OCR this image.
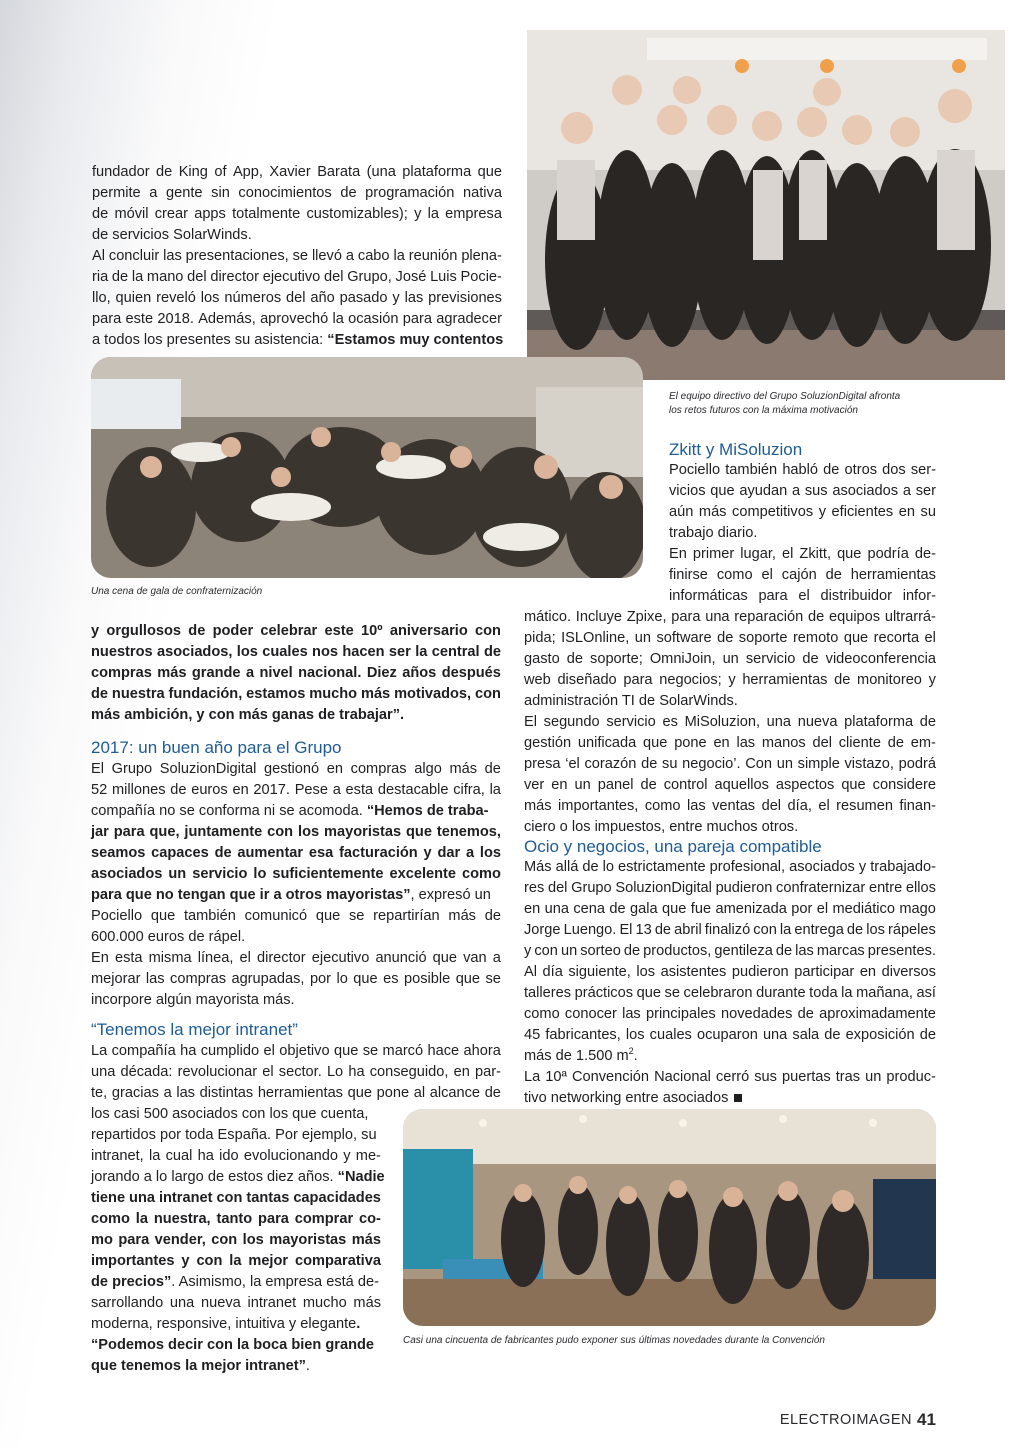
fundador de King of App, Xavier Barata (una plataforma que
permite a gente sin conocimientos de programación nativa
de móvil crear apps totalmente customizables); y la empresa
de servicios SolarWinds.
Al concluir las presentaciones, se llevó a cabo la reunión plena-
ria de la mano del director ejecutivo del Grupo, José Luis Pocie-
llo, quien reveló los números del año pasado y las previsiones
para este 2018. Además, aprovechó la ocasión para agradecer
a todos los presentes su asistencia: “Estamos muy contentos
El equipo directivo del Grupo SoluzionDigital afronta
los retos futuros con la máxima motivación
Una cena de gala de confraternización
y orgullosos de poder celebrar este 10º aniversario con
nuestros asociados, los cuales nos hacen ser la central de
compras más grande a nivel nacional. Diez años después
de nuestra fundación, estamos mucho más motivados, con
más ambición, y con más ganas de trabajar”.
2017: un buen año para el Grupo
El Grupo SoluzionDigital gestionó en compras algo más de
52 millones de euros en 2017. Pese a esta destacable cifra, la
compañía no se conforma ni se acomoda. “Hemos de traba-
jar para que, juntamente con los mayoristas que tenemos,
seamos capaces de aumentar esa facturación y dar a los
asociados un servicio lo suficientemente excelente como
para que no tengan que ir a otros mayoristas”, expresó un
Pociello que también comunicó que se repartirían más de
600.000 euros de rápel.
En esta misma línea, el director ejecutivo anunció que van a
mejorar las compras agrupadas, por lo que es posible que se
incorpore algún mayorista más.
“Tenemos la mejor intranet”
La compañía ha cumplido el objetivo que se marcó hace ahora
una década: revolucionar el sector. Lo ha conseguido, en par-
te, gracias a las distintas herramientas que pone al alcance de
los casi 500 asociados con los que cuenta,
repartidos por toda España. Por ejemplo, su
intranet, la cual ha ido evolucionando y me-
jorando a lo largo de estos diez años. “Nadie
tiene una intranet con tantas capacidades
como la nuestra, tanto para comprar co-
mo para vender, con los mayoristas más
importantes y con la mejor comparativa
de precios”. Asimismo, la empresa está de-
sarrollando una nueva intranet mucho más
moderna, responsive, intuitiva y elegante.
“Podemos decir con la boca bien grande
que tenemos la mejor intranet”.
Zkitt y MiSoluzion
Pociello también habló de otros dos ser-
vicios que ayudan a sus asociados a ser
aún más competitivos y eficientes en su
trabajo diario.
En primer lugar, el Zkitt, que podría de-
finirse como el cajón de herramientas
informáticas para el distribuidor infor-
mático. Incluye Zpixe, para una reparación de equipos ultrarrá-
pida; ISLOnline, un software de soporte remoto que recorta el
gasto de soporte; OmniJoin, un servicio de videoconferencia
web diseñado para negocios; y herramientas de monitoreo y
administración TI de SolarWinds.
El segundo servicio es MiSoluzion, una nueva plataforma de
gestión unificada que pone en las manos del cliente de em-
presa ‘el corazón de su negocio’. Con un simple vistazo, podrá
ver en un panel de control aquellos aspectos que considere
más importantes, como las ventas del día, el resumen finan-
ciero o los impuestos, entre muchos otros.
Ocio y negocios, una pareja compatible
Más allá de lo estrictamente profesional, asociados y trabajado-
res del Grupo SoluzionDigital pudieron confraternizar entre ellos
en una cena de gala que fue amenizada por el mediático mago
Jorge Luengo. El 13 de abril finalizó con la entrega de los rápeles
y con un sorteo de productos, gentileza de las marcas presentes.
Al día siguiente, los asistentes pudieron participar en diversos
talleres prácticos que se celebraron durante toda la mañana, así
como conocer las principales novedades de aproximadamente
45 fabricantes, los cuales ocuparon una sala de exposición de
más de 1.500 $m^2$.
La 10ª Convención Nacional cerró sus puertas tras un produc-
tivo networking entre asociados
Casi una cincuenta de fabricantes pudo exponer sus últimas novedades durante la Convención
ELECTROIMAGEN 41
